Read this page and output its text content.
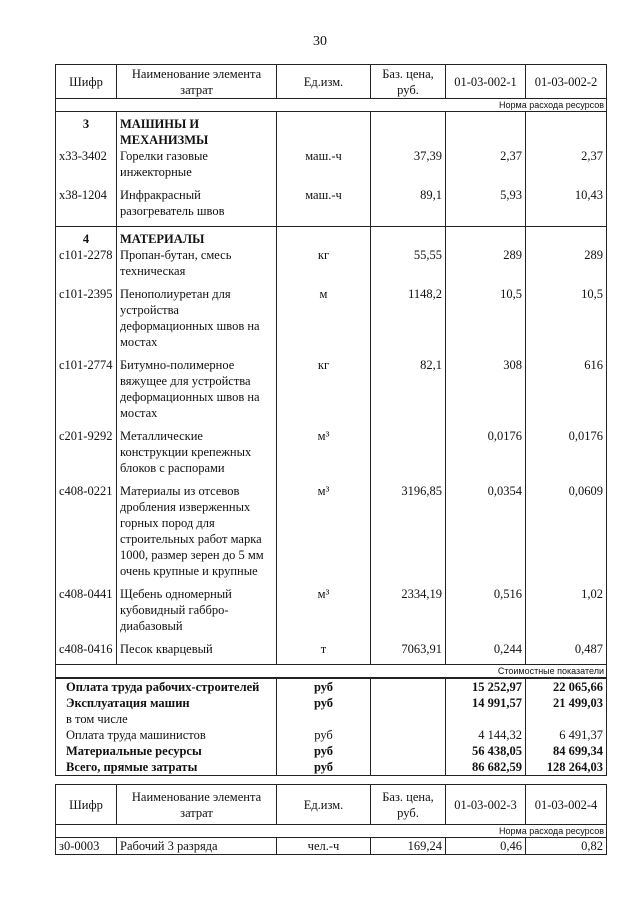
30
Шифр	Наименование элемента затрат	Ед.изм.	Баз. цена, руб.	01-03-002-1	01-03-002-2
Норма расхода ресурсов					
3	МАШИНЫ И МЕХАНИЗМЫ				
х33-3402	Горелки газовые инжекторные	маш.-ч	37,39	2,37	2,37
х38-1204	Инфракрасный разогреватель швов	маш.-ч	89,1	5,93	10,43
4	МАТЕРИАЛЫ				
с101-2278	Пропан-бутан, смесь техническая	кг	55,55	289	289
с101-2395	Пенополиуретан для устройства деформационных швов на мостах	м	1148,2	10,5	10,5
с101-2774	Битумно-полимерное вяжущее для устройства деформационных швов на мостах	кг	82,1	308	616
с201-9292	Металлические конструкции крепежных блоков с распорами	м³		0,0176	0,0176
с408-0221	Материалы из отсевов дробления изверженных горных пород для строительных работ марка 1000, размер зерен до 5 мм очень крупные и крупные	м³	3196,85	0,0354	0,0609
с408-0441	Щебень одномерный кубовидный габбро-диабазовый	м³	2334,19	0,516	1,02
с408-0416	Песок кварцевый	т	7063,91	0,244	0,487
Стоимостные показатели					
Оплата труда рабочих-строителей		руб		15 252,97	22 065,66
Эксплуатация машин		руб		14 991,57	21 499,03
в том числе					
Оплата труда машинистов		руб		4 144,32	6 491,37
Материальные ресурсы		руб		56 438,05	84 699,34
Всего, прямые затраты		руб		86 682,59	128 264,03
Шифр	Наименование элемента затрат	Ед.изм.	Баз. цена, руб.	01-03-002-3	01-03-002-4
Норма расхода ресурсов					
з0-0003	Рабочий 3 разряда	чел.-ч	169,24	0,46	0,82
